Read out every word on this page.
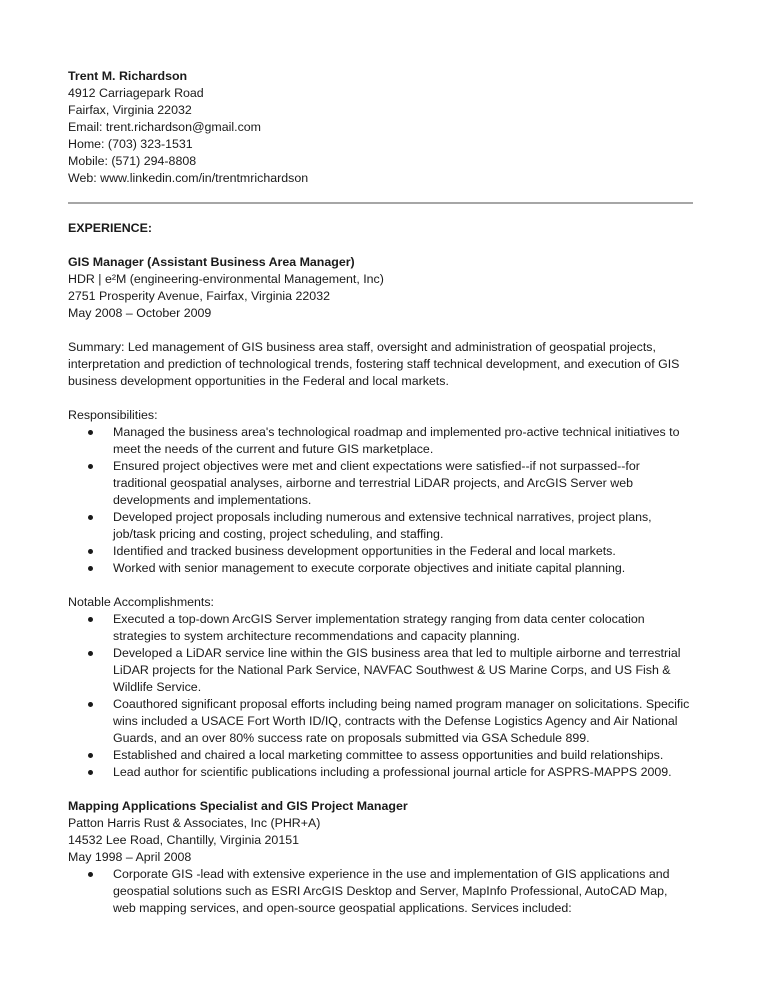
Trent M. Richardson
4912 Carriagepark Road
Fairfax, Virginia 22032
Email: trent.richardson@gmail.com
Home: (703) 323-1531
Mobile: (571) 294-8808
Web: www.linkedin.com/in/trentmrichardson
EXPERIENCE:
GIS Manager (Assistant Business Area Manager)
HDR | e²M (engineering-environmental Management, Inc)
2751 Prosperity Avenue, Fairfax, Virginia 22032
May 2008 – October 2009
Summary: Led management of GIS business area staff, oversight and administration of geospatial projects, interpretation and prediction of technological trends, fostering staff technical development, and execution of GIS business development opportunities in the Federal and local markets.
Responsibilities:
Managed the business area's technological roadmap and implemented pro-active technical initiatives to meet the needs of the current and future GIS marketplace.
Ensured project objectives were met and client expectations were satisfied--if not surpassed--for traditional geospatial analyses, airborne and terrestrial LiDAR projects, and ArcGIS Server web developments and implementations.
Developed project proposals including numerous and extensive technical narratives, project plans, job/task pricing and costing, project scheduling, and staffing.
Identified and tracked business development opportunities in the Federal and local markets.
Worked with senior management to execute corporate objectives and initiate capital planning.
Notable Accomplishments:
Executed a top-down ArcGIS Server implementation strategy ranging from data center colocation strategies to system architecture recommendations and capacity planning.
Developed a LiDAR service line within the GIS business area that led to multiple airborne and terrestrial LiDAR projects for the National Park Service, NAVFAC Southwest & US Marine Corps, and US Fish & Wildlife Service.
Coauthored significant proposal efforts including being named program manager on solicitations. Specific wins included a USACE Fort Worth ID/IQ, contracts with the Defense Logistics Agency and Air National Guards, and an over 80% success rate on proposals submitted via GSA Schedule 899.
Established and chaired a local marketing committee to assess opportunities and build relationships.
Lead author for scientific publications including a professional journal article for ASPRS-MAPPS 2009.
Mapping Applications Specialist and GIS Project Manager
Patton Harris Rust & Associates, Inc (PHR+A)
14532 Lee Road, Chantilly, Virginia 20151
May 1998 – April 2008
Corporate GIS -lead with extensive experience in the use and implementation of GIS applications and geospatial solutions such as ESRI ArcGIS Desktop and Server, MapInfo Professional, AutoCAD Map, web mapping services, and open-source geospatial applications. Services included:
